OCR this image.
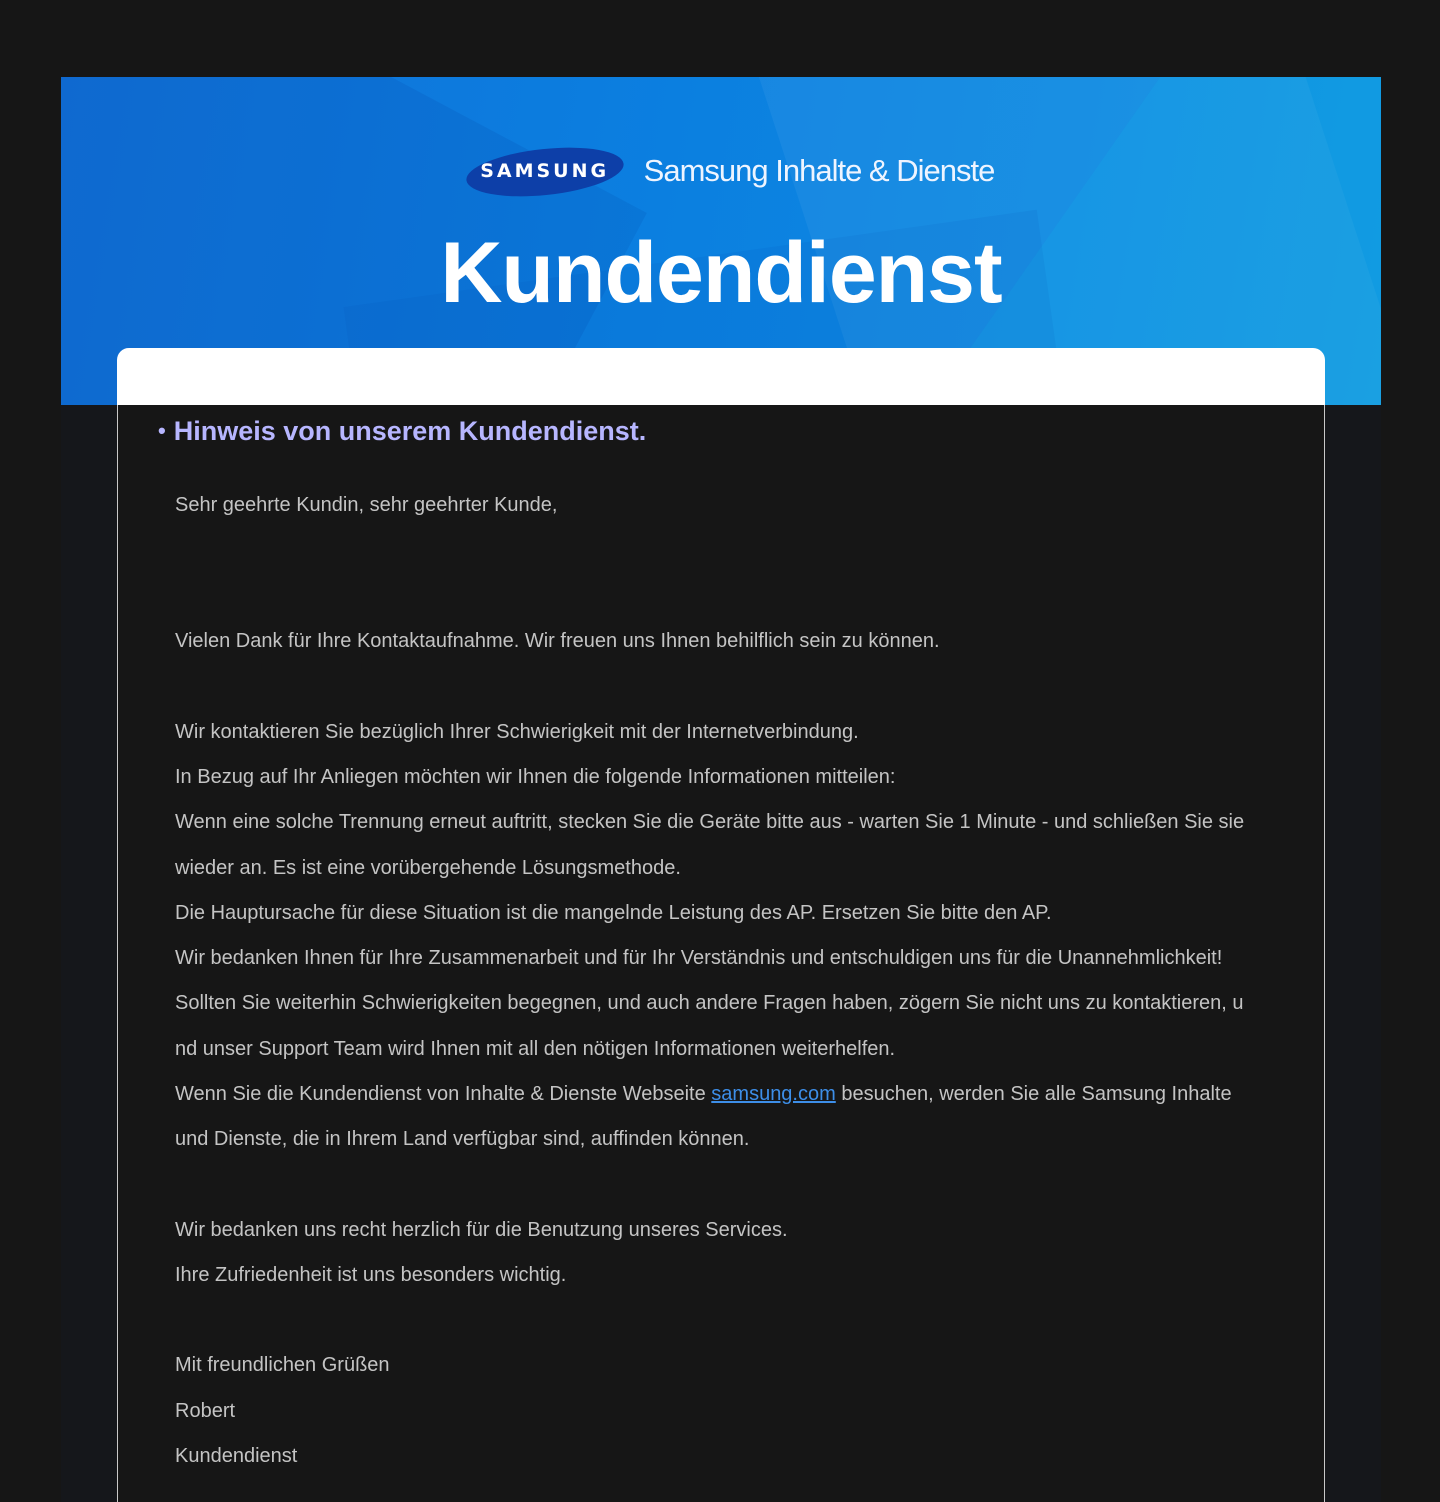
SAMSUNG	Samsung Inhalte & Dienste
Kundendienst
• Hinweis von unserem Kundendienst.
Sehr geehrte Kundin, sehr geehrter Kunde,
Vielen Dank für Ihre Kontaktaufnahme. Wir freuen uns Ihnen behilflich sein zu können.
Wir kontaktieren Sie bezüglich Ihrer Schwierigkeit mit der Internetverbindung.
In Bezug auf Ihr Anliegen möchten wir Ihnen die folgende Informationen mitteilen:
Wenn eine solche Trennung erneut auftritt, stecken Sie die Geräte bitte aus - warten Sie 1 Minute - und schließen Sie sie
wieder an. Es ist eine vorübergehende Lösungsmethode.
Die Hauptursache für diese Situation ist die mangelnde Leistung des AP. Ersetzen Sie bitte den AP.
Wir bedanken Ihnen für Ihre Zusammenarbeit und für Ihr Verständnis und entschuldigen uns für die Unannehmlichkeit!
Sollten Sie weiterhin Schwierigkeiten begegnen, und auch andere Fragen haben, zögern Sie nicht uns zu kontaktieren, u
nd unser Support Team wird Ihnen mit all den nötigen Informationen weiterhelfen.
Wenn Sie die Kundendienst von Inhalte & Dienste Webseite samsung.com besuchen, werden Sie alle Samsung Inhalte
und Dienste, die in Ihrem Land verfügbar sind, auffinden können.
Wir bedanken uns recht herzlich für die Benutzung unseres Services.
Ihre Zufriedenheit ist uns besonders wichtig.
Mit freundlichen Grüßen
Robert
Kundendienst
